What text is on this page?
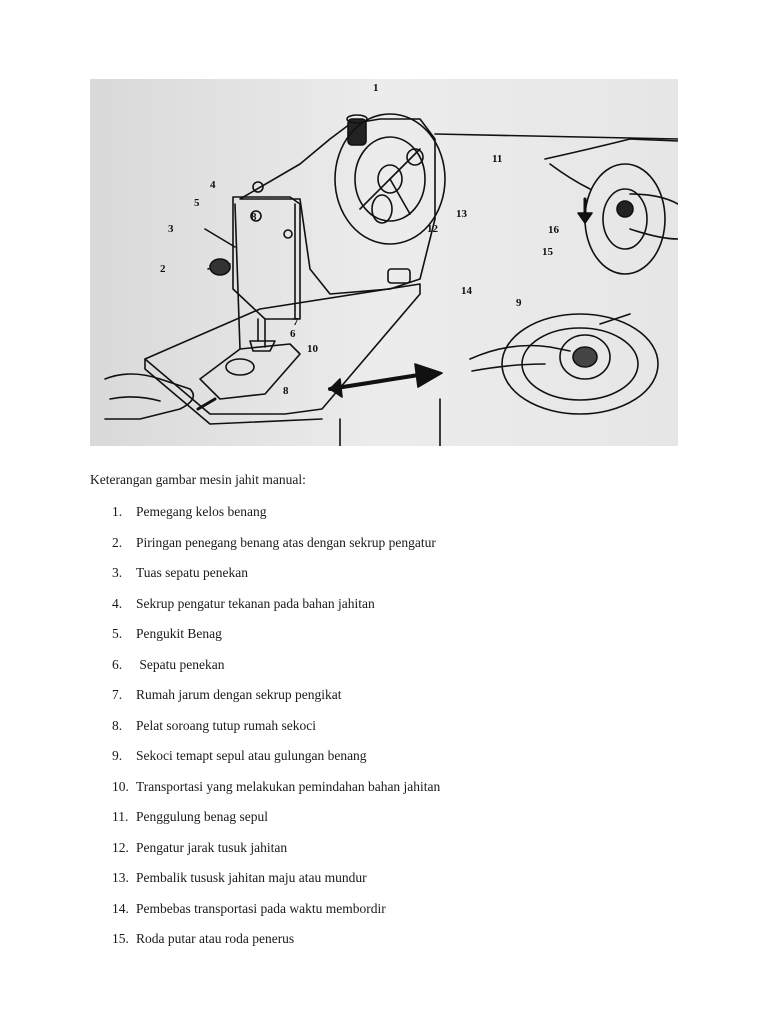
1
2
3
4
5
6
7
8
9
10
11
12
13
14
15
16
8
Keterangan gambar mesin jahit manual:
1. Pemegang kelos benang
2. Piringan penegang benang atas dengan sekrup pengatur
3. Tuas sepatu penekan
4. Sekrup pengatur tekanan pada bahan jahitan
5. Pengukit Benag
6. Sepatu penekan
7. Rumah jarum dengan sekrup pengikat
8. Pelat soroang tutup rumah sekoci
9. Sekoci temapt sepul atau gulungan benang
10. Transportasi yang melakukan pemindahan bahan jahitan
11. Penggulung benag sepul
12. Pengatur jarak tusuk jahitan
13. Pembalik tususk jahitan maju atau mundur
14. Pembebas transportasi pada waktu membordir
15. Roda putar atau roda penerus
